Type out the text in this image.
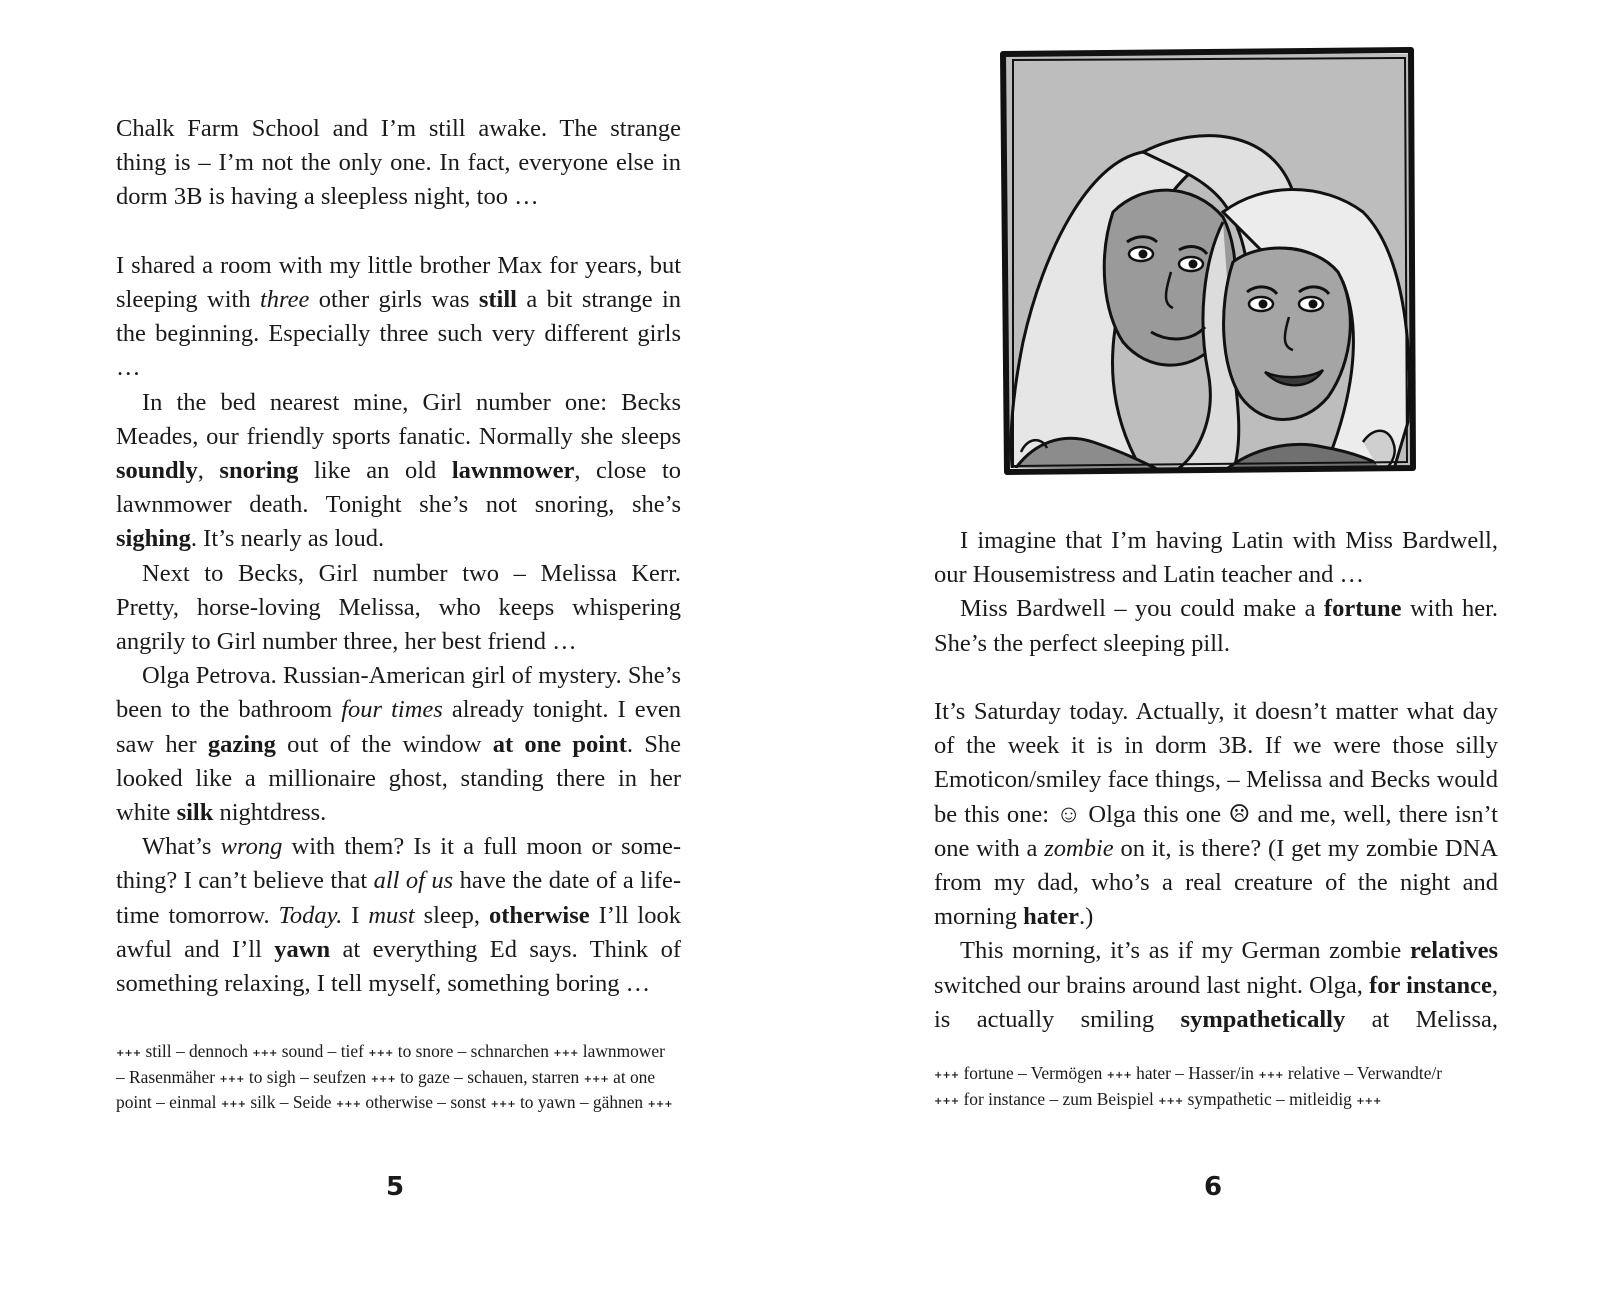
Chalk Farm School and I’m still awake. The strange thing is – I’m not the only one. In fact, everyone else in dorm 3B is having a sleepless night, too …

I shared a room with my little brother Max for years, but sleeping with three other girls was still a bit strange in the beginning. Especially three such very different girls …

In the bed nearest mine, Girl number one: Becks Meades, our friendly sports fanatic. Normally she sleeps soundly, snoring like an old lawnmower, close to lawnmower death. Tonight she’s not snoring, she’s sighing. It’s nearly as loud.

Next to Becks, Girl number two – Melissa Kerr. Pretty, horse-loving Melissa, who keeps whispering angrily to Girl number three, her best friend …

Olga Petrova. Russian-American girl of mystery. She’s been to the bathroom four times already tonight. I even saw her gazing out of the window at one point. She looked like a millionaire ghost, standing there in her white silk nightdress.

What’s wrong with them? Is it a full moon or something? I can’t believe that all of us have the date of a lifetime tomorrow. Today. I must sleep, otherwise I’ll look awful and I’ll yawn at everything Ed says. Think of something relaxing, I tell myself, something boring …

+++ still – dennoch +++ sound – tief +++ to snore – schnarchen +++ lawnmower – Rasenmäher +++ to sigh – seufzen +++ to gaze – schauen, starren +++ at one point – einmal +++ silk – Seide +++ otherwise – sonst +++ to yawn – gähnen +++

5

I imagine that I’m having Latin with Miss Bardwell, our Housemistress and Latin teacher and …

Miss Bardwell – you could make a fortune with her. She’s the perfect sleeping pill.

It’s Saturday today. Actually, it doesn’t matter what day of the week it is in dorm 3B. If we were those silly Emoticon/smiley face things, – Melissa and Becks would be this one: ☺ Olga this one ☹ and me, well, there isn’t one with a zombie on it, is there? (I get my zombie DNA from my dad, who’s a real creature of the night and morning hater.)

This morning, it’s as if my German zombie relatives switched our brains around last night. Olga, for instance, is actually smiling sympathetically at Melissa,

+++ fortune – Vermögen +++ hater – Hasser/in +++ relative – Verwandte/r +++ for instance – zum Beispiel +++ sympathetic – mitleidig +++

6
